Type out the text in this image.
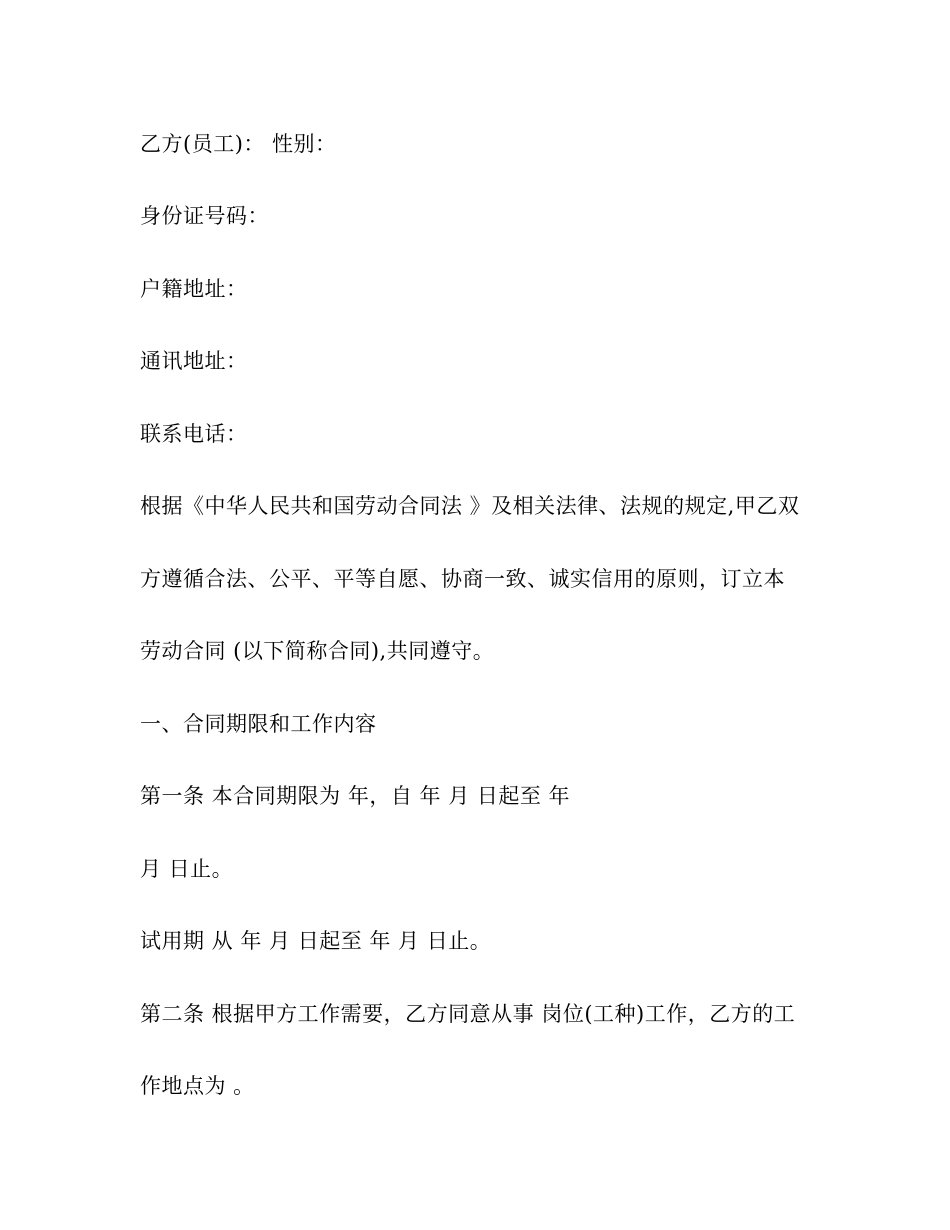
乙方(员工)： 性别：
身份证号码：
户籍地址：
通讯地址：
联系电话：
根据《中华人民共和国劳动合同法 》及相关法律、法规的规定,甲乙双
方遵循合法、公平、平等自愿、协商一致、诚实信用的原则，订立本
劳动合同 (以下简称合同),共同遵守。
一、合同期限和工作内容
第一条 本合同期限为 年，自 年 月 日起至 年
月 日止。
试用期 从 年 月 日起至 年 月 日止。
第二条 根据甲方工作需要，乙方同意从事 岗位(工种)工作，乙方的工
作地点为 。
